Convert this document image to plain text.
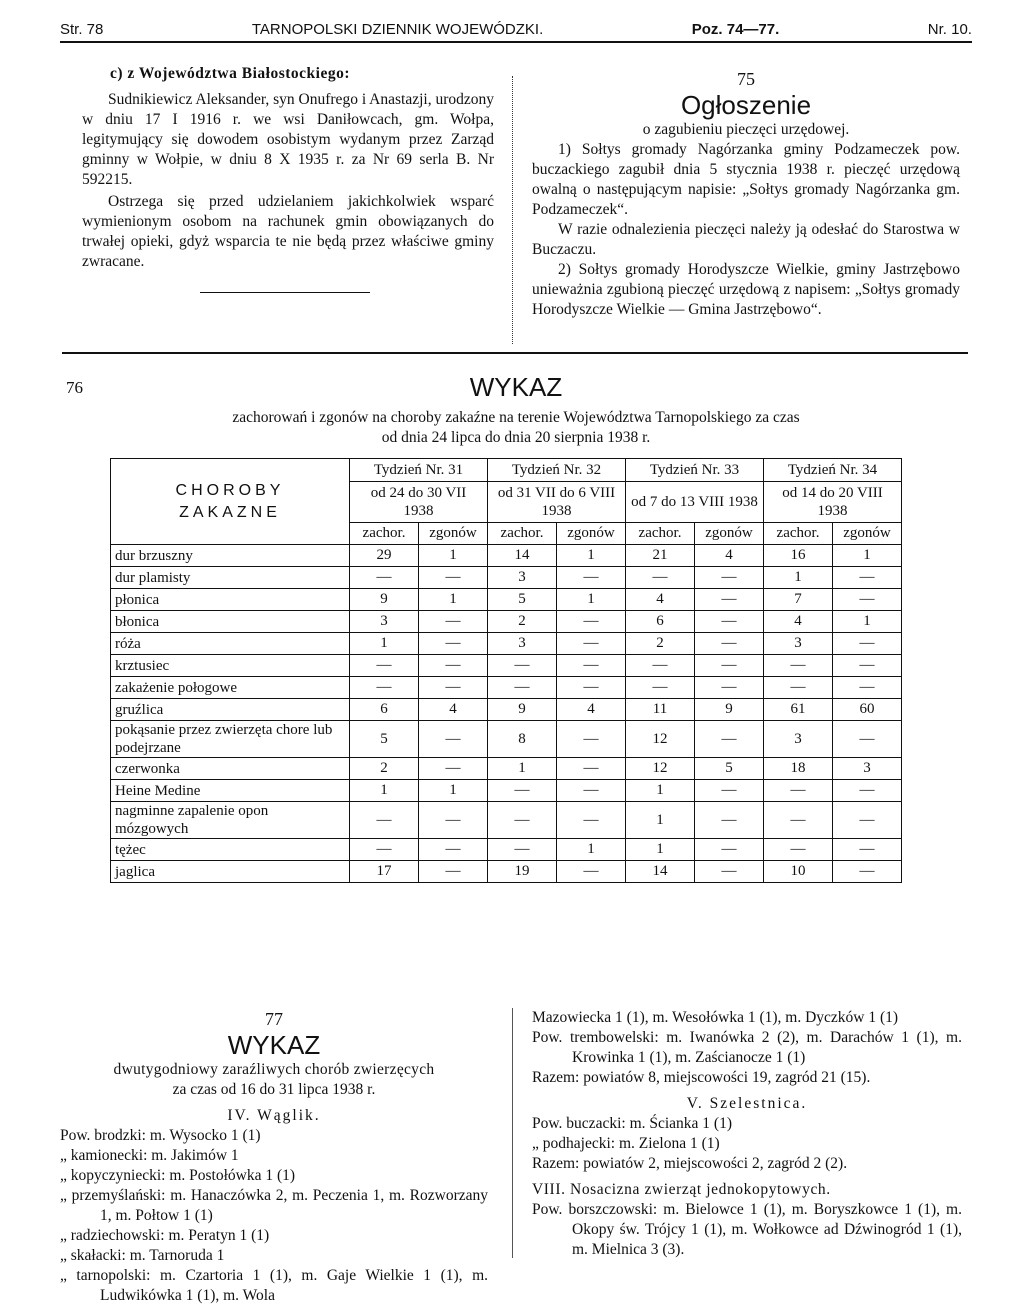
Str. 78	TARNOPOLSKI DZIENNIK WOJEWÓDZKI.	Poz. 74—77.	Nr. 10.

c) z Województwa Białostockiego:

Sudnikiewicz Aleksander, syn Onufrego i Anastazji, urodzony w dniu 17 I 1916 r. we wsi Daniłowcach, gm. Wołpa, legitymujący się dowodem osobistym wydanym przez Zarząd gminny w Wołpie, w dniu 8 X 1935 r. za Nr 69 serla B. Nr 592215.

Ostrzega się przed udzielaniem jakichkolwiek wsparć wymienionym osobom na rachunek gmin obowiązanych do trwałej opieki, gdyż wsparcia te nie będą przez właściwe gminy zwracane.

75

Ogłoszenie

o zagubieniu pieczęci urzędowej.

1) Sołtys gromady Nagórzanka gminy Podzameczek pow. buczackiego zagubił dnia 5 stycznia 1938 r. pieczęć urzędową owalną o następującym napisie: „Sołtys gromady Nagórzanka gm. Podzameczek“.

W razie odnalezienia pieczęci należy ją odesłać do Starostwa w Buczaczu.

2) Sołtys gromady Horodyszcze Wielkie, gminy Jastrzębowo unieważnia zgubioną pieczęć urzędową z napisem: „Sołtys gromady Horodyszcze Wielkie — Gmina Jastrzębowo“.

76	WYKAZ

zachorowań i zgonów na choroby zakaźne na terenie Województwa Tarnopolskiego za czas

od dnia 24 lipca do dnia 20 sierpnia 1938 r.

CHOROBY ZAKAZNE	Tydzień Nr. 31		Tydzień Nr. 32		Tydzień Nr. 33		Tydzień Nr. 34	
	od 24 do 30 VII 1938		od 31 VII do 6 VIII 1938		od 7 do 13 VIII 1938		od 14 do 20 VIII 1938	
	zachor.	zgonów	zachor.	zgonów	zachor.	zgonów	zachor.	zgonów
dur brzuszny	29	1	14	1	21	4	16	1
dur plamisty	—	—	3	—	—	—	1	—
płonica	9	1	5	1	4	—	7	—
błonica	3	—	2	—	6	—	4	1
róża	1	—	3	—	2	—	3	—
krztusiec	—	—	—	—	—	—	—	—
zakażenie połogowe	—	—	—	—	—	—	—	—
gruźlica	6	4	9	4	11	9	61	60
pokąsanie przez zwierzęta chore lub podejrzane	5	—	8	—	12	—	3	—
czerwonka	2	—	1	—	12	5	18	3
Heine Medine	1	1	—	—	1	—	—	—
nagminne zapalenie opon mózgowych	—	—	—	—	1	—	—	—
tężec	—	—	—	1	1	—	—	—
jaglica	17	—	19	—	14	—	10	—

77

WYKAZ

dwutygodniowy zaraźliwych chorób zwierzęcych

za czas od 16 do 31 lipca 1938 r.

IV. Wąglik.

Pow. brodzki: m. Wysocko 1 (1)

„ kamionecki: m. Jakimów 1

„ kopyczyniecki: m. Postołówka 1 (1)

„ przemyślański: m. Hanaczówka 2, m. Peczenia 1, m. Rozworzany 1, m. Połtow 1 (1)

„ radziechowski: m. Peratyn 1 (1)

„ skałacki: m. Tarnoruda 1

„ tarnopolski: m. Czartoria 1 (1), m. Gaje Wielkie 1 (1), m. Ludwikówka 1 (1), m. Wola

Mazowiecka 1 (1), m. Wesołówka 1 (1), m. Dyczków 1 (1)

Pow. trembowelski: m. Iwanówka 2 (2), m. Darachów 1 (1), m. Krowinka 1 (1), m. Zaścianocze 1 (1)

Razem: powiatów 8, miejscowości 19, zagród 21 (15).

V. Szelestnica.

Pow. buczacki: m. Ścianka 1 (1)

„ podhajecki: m. Zielona 1 (1)

Razem: powiatów 2, miejscowości 2, zagród 2 (2).

VIII. Nosacizna zwierząt jednokopytowych.

Pow. borszczowski: m. Bielowce 1 (1), m. Boryszkowce 1 (1), m. Okopy św. Trójcy 1 (1), m. Wołkowce ad Dźwinogród 1 (1), m. Mielnica 3 (3).
